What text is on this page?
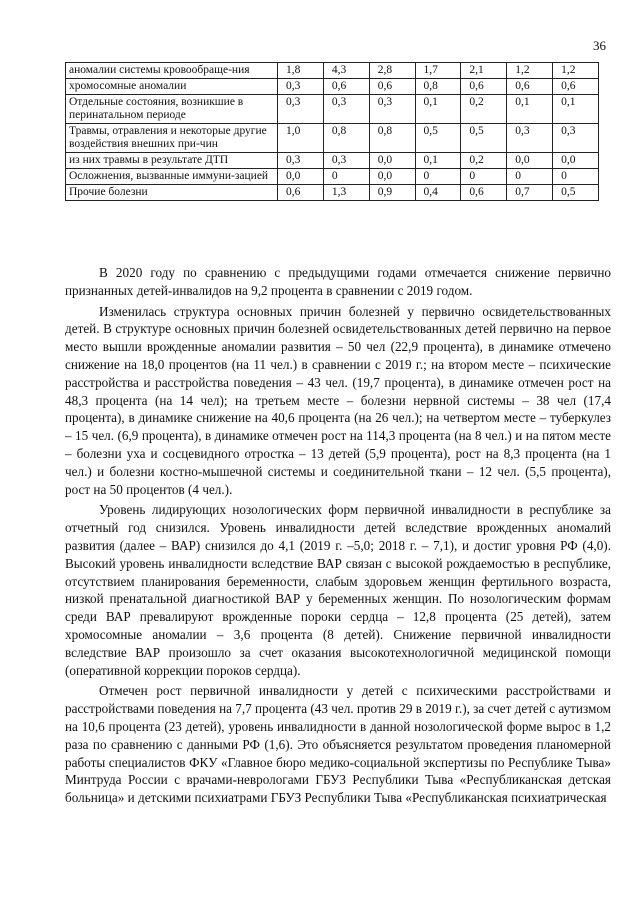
36
аномалии системы кровообраще-ния	1,8	4,3	2,8	1,7	2,1	1,2	1,2
хромосомные аномалии	0,3	0,6	0,6	0,8	0,6	0,6	0,6
Отдельные состояния, возникшие в перинатальном периоде	0,3	0,3	0,3	0,1	0,2	0,1	0,1
Травмы, отравления и некоторые другие воздействия внешних при-чин	1,0	0,8	0,8	0,5	0,5	0,3	0,3
из них травмы в результате ДТП	0,3	0,3	0,0	0,1	0,2	0,0	0,0
Осложнения, вызванные иммуни-зацией	0,0	0	0,0	0	0	0	0
Прочие болезни	0,6	1,3	0,9	0,4	0,6	0,7	0,5

В 2020 году по сравнению с предыдущими годами отмечается снижение первично признанных детей-инвалидов на 9,2 процента в сравнении с 2019 годом.

Изменилась структура основных причин болезней у первично освидетельствованных детей. В структуре основных причин болезней освидетельствованных детей первично на первое место вышли врожденные аномалии развития – 50 чел (22,9 процента), в динамике отмечено снижение на 18,0 процентов (на 11 чел.) в сравнении с 2019 г.; на втором месте – психические расстройства и расстройства поведения – 43 чел. (19,7 процента), в динамике отмечен рост на 48,3 процента (на 14 чел); на третьем месте – болезни нервной системы – 38 чел (17,4 процента), в динамике снижение на 40,6 процента (на 26 чел.); на четвертом месте – туберкулез – 15 чел. (6,9 процента), в динамике отмечен рост на 114,3 процента (на 8 чел.) и на пятом месте – болезни уха и сосцевидного отростка – 13 детей (5,9 процента), рост на 8,3 процента (на 1 чел.) и болезни костно-мышечной системы и соединительной ткани – 12 чел. (5,5 процента), рост на 50 процентов (4 чел.).

Уровень лидирующих нозологических форм первичной инвалидности в республике за отчетный год снизился. Уровень инвалидности детей вследствие врожденных аномалий развития (далее – ВАР) снизился до 4,1 (2019 г. –5,0; 2018 г. – 7,1), и достиг уровня РФ (4,0). Высокий уровень инвалидности вследствие ВАР связан с высокой рождаемостью в республике, отсутствием планирования беременности, слабым здоровьем женщин фертильного возраста, низкой пренатальной диагностикой ВАР у беременных женщин. По нозологическим формам среди ВАР превалируют врожденные пороки сердца – 12,8 процента (25 детей), затем хромосомные аномалии – 3,6 процента (8 детей). Снижение первичной инвалидности вследствие ВАР произошло за счет оказания высокотехнологичной медицинской помощи (оперативной коррекции пороков сердца).

Отмечен рост первичной инвалидности у детей с психическими расстройствами и расстройствами поведения на 7,7 процента (43 чел. против 29 в 2019 г.), за счет детей с аутизмом на 10,6 процента (23 детей), уровень инвалидности в данной нозологической форме вырос в 1,2 раза по сравнению с данными РФ (1,6). Это объясняется результатом проведения планомерной работы специалистов ФКУ «Главное бюро медико-социальной экспертизы по Республике Тыва» Минтруда России с врачами-неврологами ГБУЗ Республики Тыва «Республиканская детская больница» и детскими психиатрами ГБУЗ Республики Тыва «Республиканская психиатрическая
